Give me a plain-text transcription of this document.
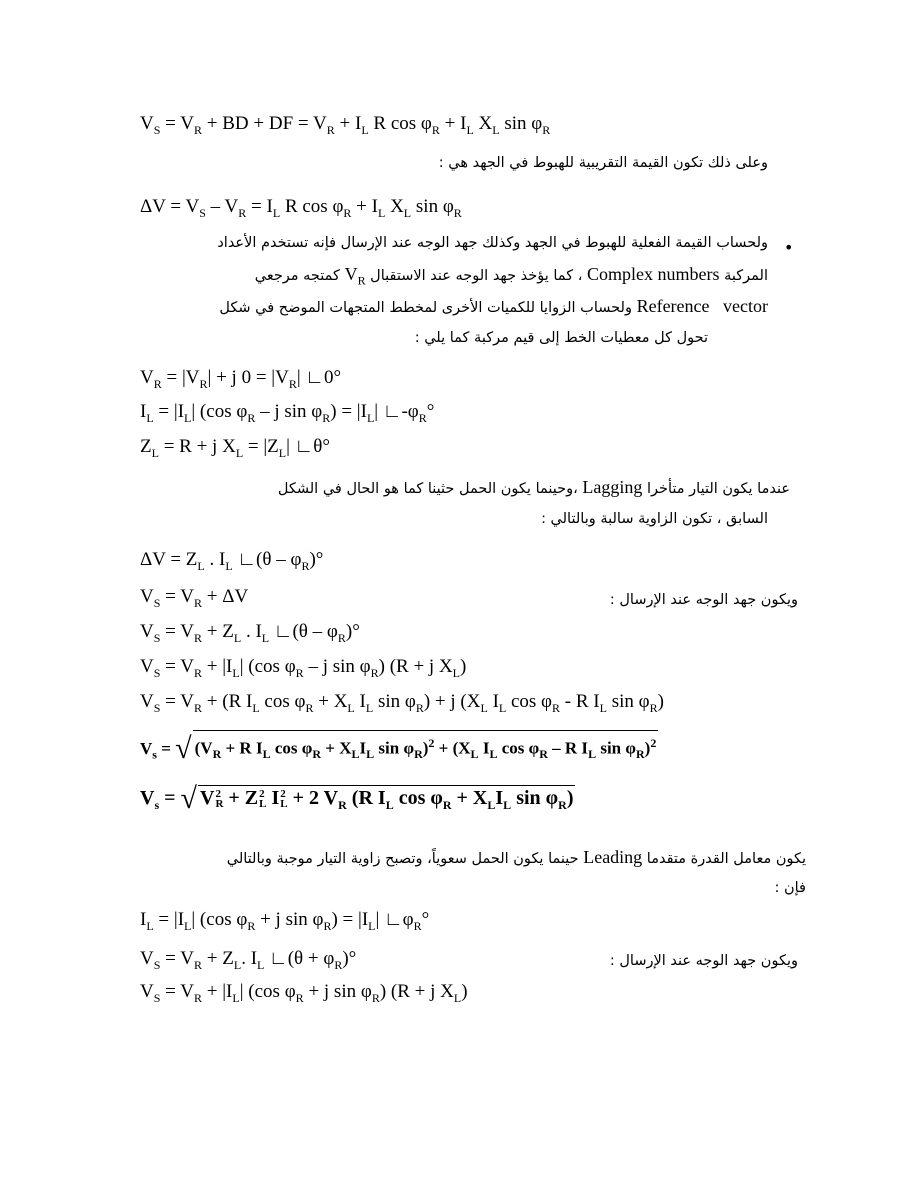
$V_S = V_R$ + BD + DF = $V_R + I_L$ R $\cos \varphi_R + I_L$ $X_L$ $\sin \varphi_R$
وعلى ذلك تكون القيمة التقريبية للهبوط في الجهد هي :
$\Delta V = V_S - V_R = I_L$ R $\cos \varphi_R + I_L$ $X_L$ $\sin \varphi_R$
•
ولحساب القيمة الفعلية للهبوط في الجهد وكذلك جهد الوجه عند الإرسال فإنه تستخدم الأعداد
المركبة Complex numbers ، كما يؤخذ جهد الوجه عند الاستقبال $V_R$ كمتجه مرجعي
Reference   vector ولحساب الزوايا للكميات الأخرى لمخطط المتجهات الموضح في شكل
تحول كل معطيات الخط إلى قيم مركبة كما يلي :
$V_R = |V_R| + j$ $0 = |V_R|$ ∟0°
$I_L = |I_L|$ (cos $\varphi_R$ – j $\sin \varphi_R) = |I_L|$ $∟-\varphi_R^\circ$
$Z_L = R + j$ $X_L = |Z_L|$ ∟θ°
عندما يكون التيار متأخرا Lagging ،وحينما يكون الحمل حثينا كما هو الحال في الشكل
السابق ، تكون الزاوية سالبة وبالتالي :
$\Delta V = Z_L$ . $I_L$ ∟(θ – $\varphi_R)^\circ$
$V_S = V_R + \Delta V$	ويكون جهد الوجه عند الإرسال :
$V_S = V_R + Z_L$ . $I_L$ ∟(θ – $\varphi_R)^\circ$
$V_S = V_R + |I_L|$ (cos $\varphi_R$ – j $\sin \varphi_R$) (R + j $X_L$)
$V_S = V_R + (R$ $I_L$ $\cos \varphi_R + X_L$ $I_L$ $\sin \varphi_R) + j$ ($X_L$ $I_L$ $\cos \varphi_R$ - R $I_L$ $\sin \varphi_R$)
$V_s$ = √ ($V_R + R$ $I_L$ $\cos \varphi_R + X_LI_L$ $\sin \varphi_R)^2 + (X_L$ $I_L$ $\cos \varphi_R$ – R $I_L$ $\sin \varphi_R)^2$
$V_s$ = √ V2
R + Z2
L I2
L + 2 $V_R$ (R $I_L$ $\cos \varphi_R + X_LI_L$ $\sin \varphi_R$)
يكون معامل القدرة متقدما Leading حينما يكون الحمل سعوياً، وتصبح زاوية التيار موجبة وبالتالي
فإن :
$I_L = |I_L|$ (cos $\varphi_R + j$ $\sin \varphi_R) = |I_L|$ $∟\varphi_R^\circ$
$V_S = V_R + Z_L$. $I_L$ ∟(θ + $\varphi_R)^\circ$	ويكون جهد الوجه عند الإرسال :
$V_S = V_R + |I_L|$ (cos $\varphi_R + j$ $\sin \varphi_R$) (R + j $X_L$)
